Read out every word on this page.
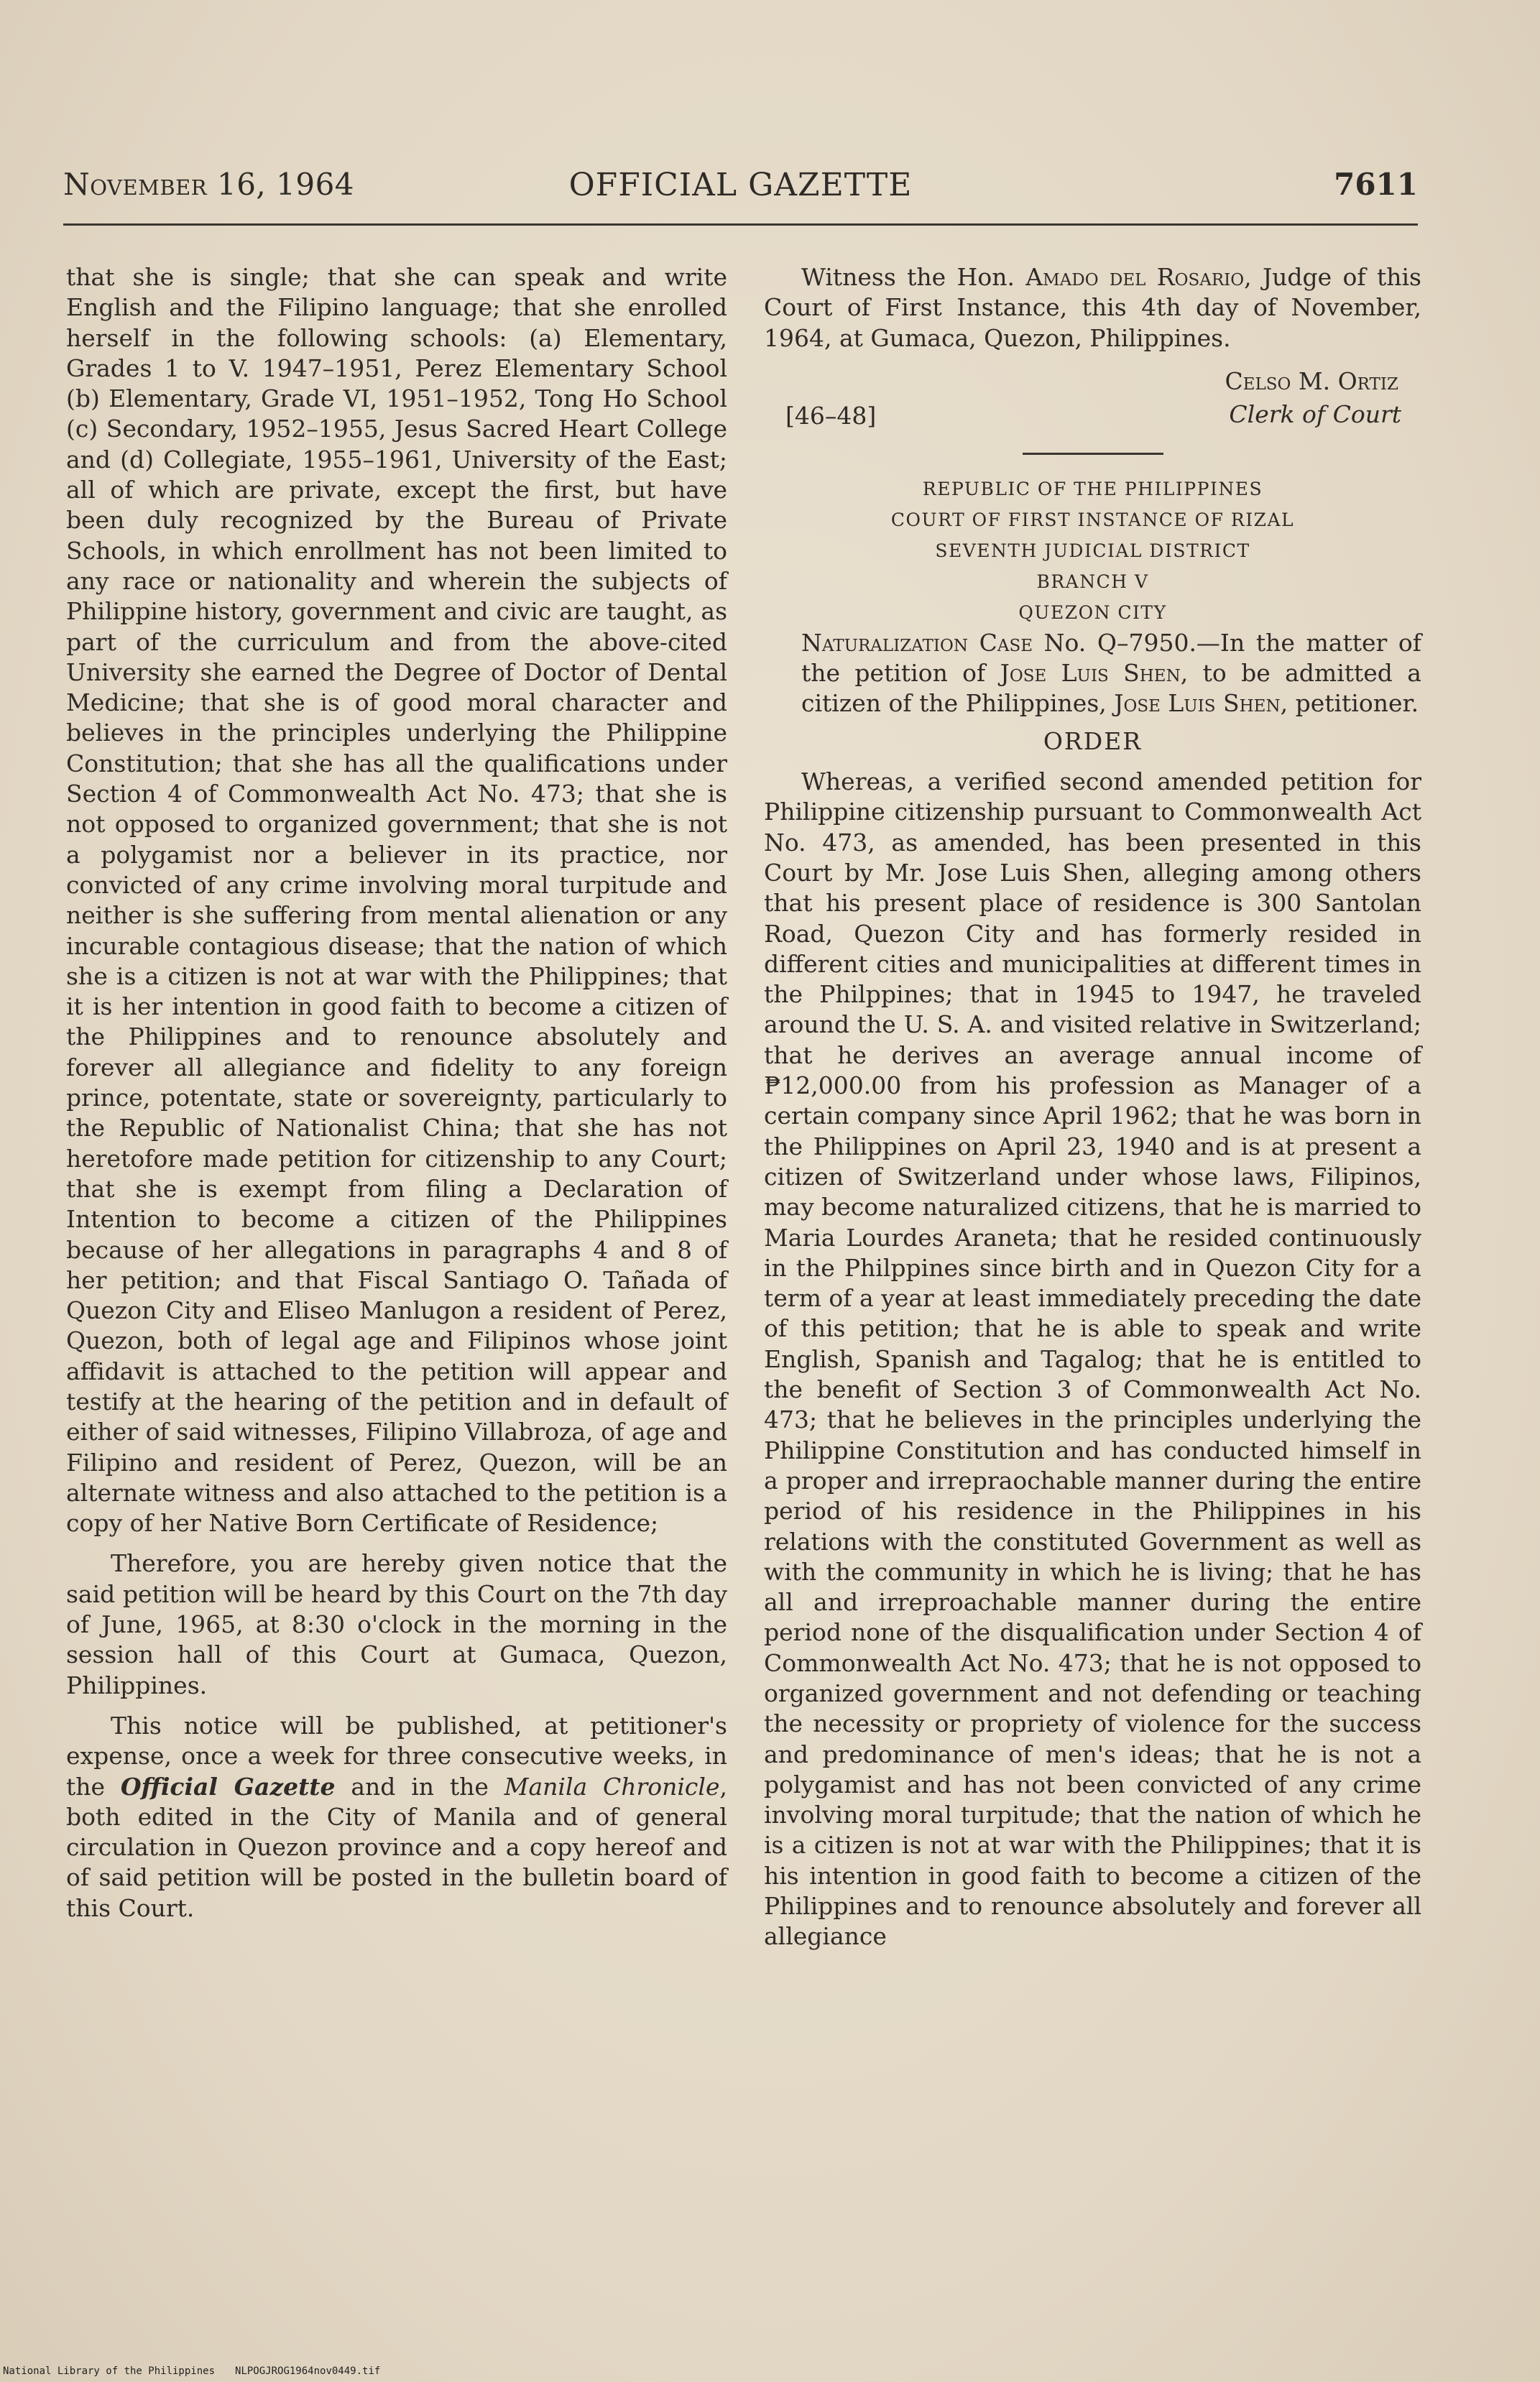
November 16, 1964	OFFICIAL GAZETTE	7611

that she is single; that she can speak and write English and the Filipino language; that she enrolled herself in the following schools: (a) Elementary, Grades 1 to V. 1947–1951, Perez Elementary School (b) Elementary, Grade VI, 1951–1952, Tong Ho School (c) Secondary, 1952–1955, Jesus Sacred Heart College and (d) Collegiate, 1955–1961, University of the East; all of which are private, except the first, but have been duly recognized by the Bureau of Private Schools, in which enrollment has not been limited to any race or nationality and wherein the subjects of Philippine history, government and civic are taught, as part of the curriculum and from the above-cited University she earned the Degree of Doctor of Dental Medicine; that she is of good moral character and believes in the principles underlying the Philippine Constitution; that she has all the qualifications under Section 4 of Commonwealth Act No. 473; that she is not opposed to organized government; that she is not a polygamist nor a believer in its practice, nor convicted of any crime involving moral turpitude and neither is she suffering from mental alienation or any incurable contagious disease; that the nation of which she is a citizen is not at war with the Philippines; that it is her intention in good faith to become a citizen of the Philippines and to renounce absolutely and forever all allegiance and fidelity to any foreign prince, potentate, state or sovereignty, particularly to the Republic of Nationalist China; that she has not heretofore made petition for citizenship to any Court; that she is exempt from filing a Declaration of Intention to become a citizen of the Philippines because of her allegations in paragraphs 4 and 8 of her petition; and that Fiscal Santiago O. Tañada of Quezon City and Eliseo Manlugon a resident of Perez, Quezon, both of legal age and Filipinos whose joint affidavit is attached to the petition will appear and testify at the hearing of the petition and in default of either of said witnesses, Filipino Villabroza, of age and Filipino and resident of Perez, Quezon, will be an alternate witness and also attached to the petition is a copy of her Native Born Certificate of Residence;

Therefore, you are hereby given notice that the said petition will be heard by this Court on the 7th day of June, 1965, at 8:30 o'clock in the morning in the session hall of this Court at Gumaca, Quezon, Philippines.

This notice will be published, at petitioner's expense, once a week for three consecutive weeks, in the Official Gazette and in the Manila Chronicle, both edited in the City of Manila and of general circulation in Quezon province and a copy hereof and of said petition will be posted in the bulletin board of this Court.

Witness the Hon. Amado del Rosario, Judge of this Court of First Instance, this 4th day of November, 1964, at Gumaca, Quezon, Philippines.

Celso M. Ortiz
Clerk of Court
[46–48]
REPUBLIC OF THE PHILIPPINES
COURT OF FIRST INSTANCE OF RIZAL
SEVENTH JUDICIAL DISTRICT
BRANCH V
QUEZON CITY

Naturalization Case No. Q–7950.—In the matter of the petition of Jose Luis Shen, to be admitted a citizen of the Philippines, Jose Luis Shen, petitioner.

ORDER

Whereas, a verified second amended petition for Philippine citizenship pursuant to Commonwealth Act No. 473, as amended, has been presented in this Court by Mr. Jose Luis Shen, alleging among others that his present place of residence is 300 Santolan Road, Quezon City and has formerly resided in different cities and municipalities at different times in the Philppines; that in 1945 to 1947, he traveled around the U. S. A. and visited relative in Switzerland; that he derives an average annual income of ₱12,000.00 from his profession as Manager of a certain company since April 1962; that he was born in the Philippines on April 23, 1940 and is at present a citizen of Switzerland under whose laws, Filipinos, may become naturalized citizens, that he is married to Maria Lourdes Araneta; that he resided continuously in the Philppines since birth and in Quezon City for a term of a year at least immediately preceding the date of this petition; that he is able to speak and write English, Spanish and Tagalog; that he is entitled to the benefit of Section 3 of Commonwealth Act No. 473; that he believes in the principles underlying the Philippine Constitution and has conducted himself in a proper and irrepraochable manner during the entire period of his residence in the Philippines in his relations with the constituted Government as well as with the community in which he is living; that he has all and irreproachable manner during the entire period none of the disqualification under Section 4 of Commonwealth Act No. 473; that he is not opposed to organized government and not defending or teaching the necessity or propriety of violence for the success and predominance of men's ideas; that he is not a polygamist and has not been convicted of any crime involving moral turpitude; that the nation of which he is a citizen is not at war with the Philippines; that it is his intention in good faith to become a citizen of the Philippines and to renounce absolutely and forever all allegiance

National Library of the Philippines NLPOGJROG1964nov0449.tif
